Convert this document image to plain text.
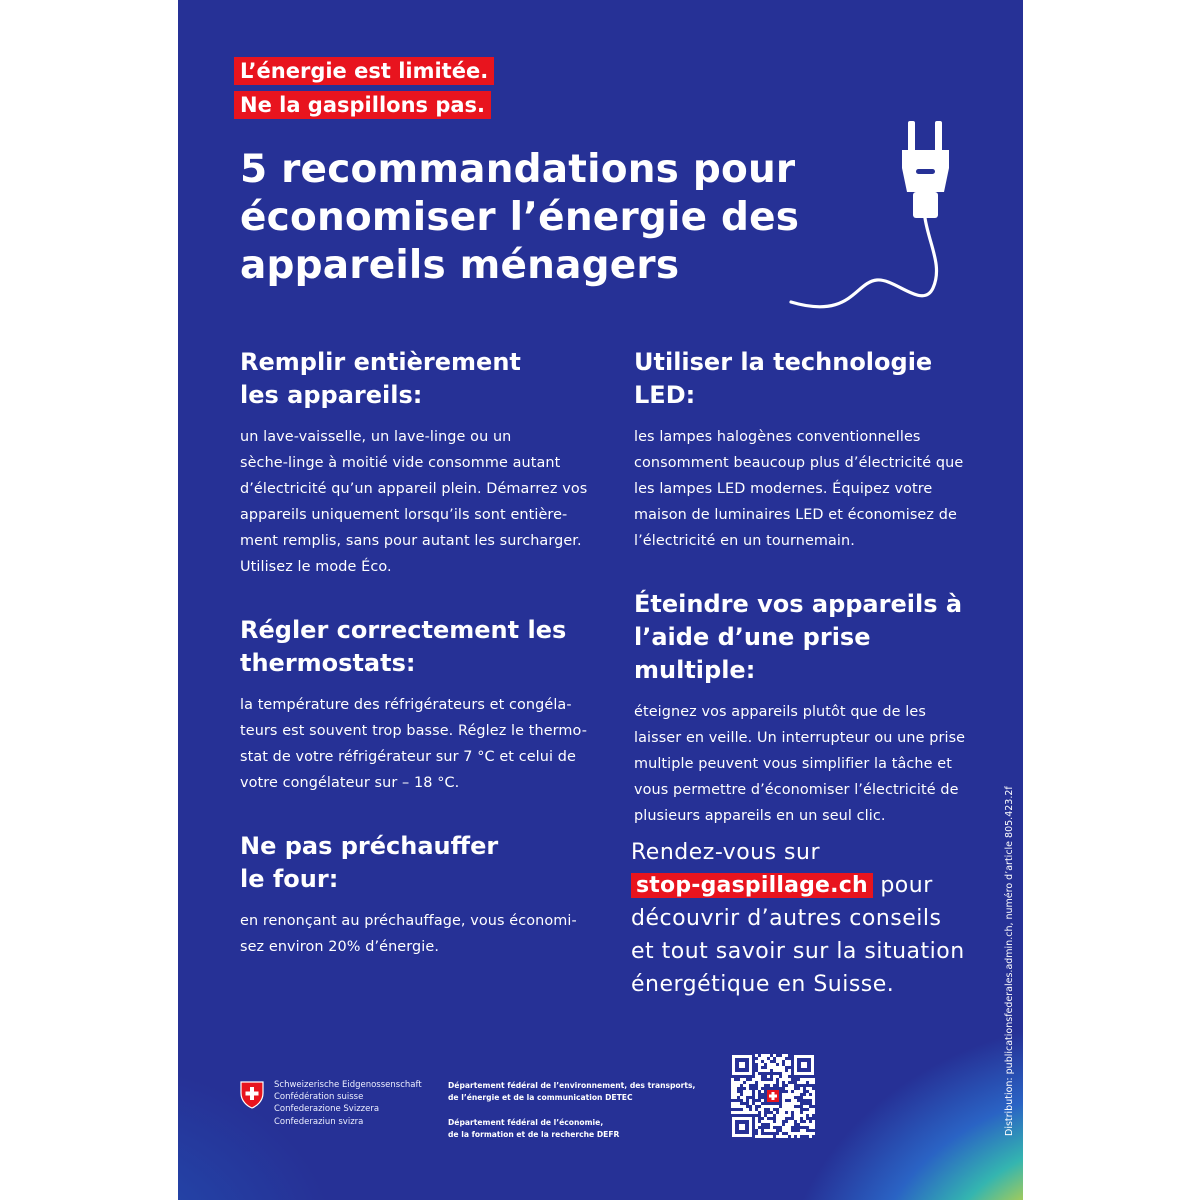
L’énergie est limitée.
Ne la gaspillons pas.
5 recommandations pour
économiser l’énergie des
appareils ménagers
Remplir entièrement
les appareils:

un lave-vaisselle, un lave-linge ou un
sèche-linge à moitié vide consomme autant
d’électricité qu’un appareil plein. Démarrez vos
appareils uniquement lorsqu’ils sont entière-
ment remplis, sans pour autant les surcharger.
Utilisez le mode Éco.

Régler correctement les
thermostats:

la température des réfrigérateurs et congéla-
teurs est souvent trop basse. Réglez le thermo-
stat de votre réfrigérateur sur 7 °C et celui de
votre congélateur sur – 18 °C.

Ne pas préchauffer
le four:

en renonçant au préchauffage, vous économi-
sez environ 20% d’énergie.

Utiliser la technologie
LED:

les lampes halogènes conventionnelles
consomment beaucoup plus d’électricité que
les lampes LED modernes. Équipez votre
maison de luminaires LED et économisez de
l’électricité en un tournemain.

Éteindre vos appareils à
l’aide d’une prise multiple:

éteignez vos appareils plutôt que de les
laisser en veille. Un interrupteur ou une prise
multiple peuvent vous simplifier la tâche et
vous permettre d’économiser l’électricité de
plusieurs appareils en un seul clic.

Rendez-vous sur
stop-gaspillage.ch pour
découvrir d’autres conseils
et tout savoir sur la situation
énergétique en Suisse.
Schweizerische Eidgenossenschaft
Confédération suisse
Confederazione Svizzera
Confederaziun svizra
Département fédéral de l’environnement, des transports,
de l’énergie et de la communication DETEC
Département fédéral de l’économie,
de la formation et de la recherche DEFR	Distribution: publicationsfederales.admin.ch, numéro d’article 805.423.2f
